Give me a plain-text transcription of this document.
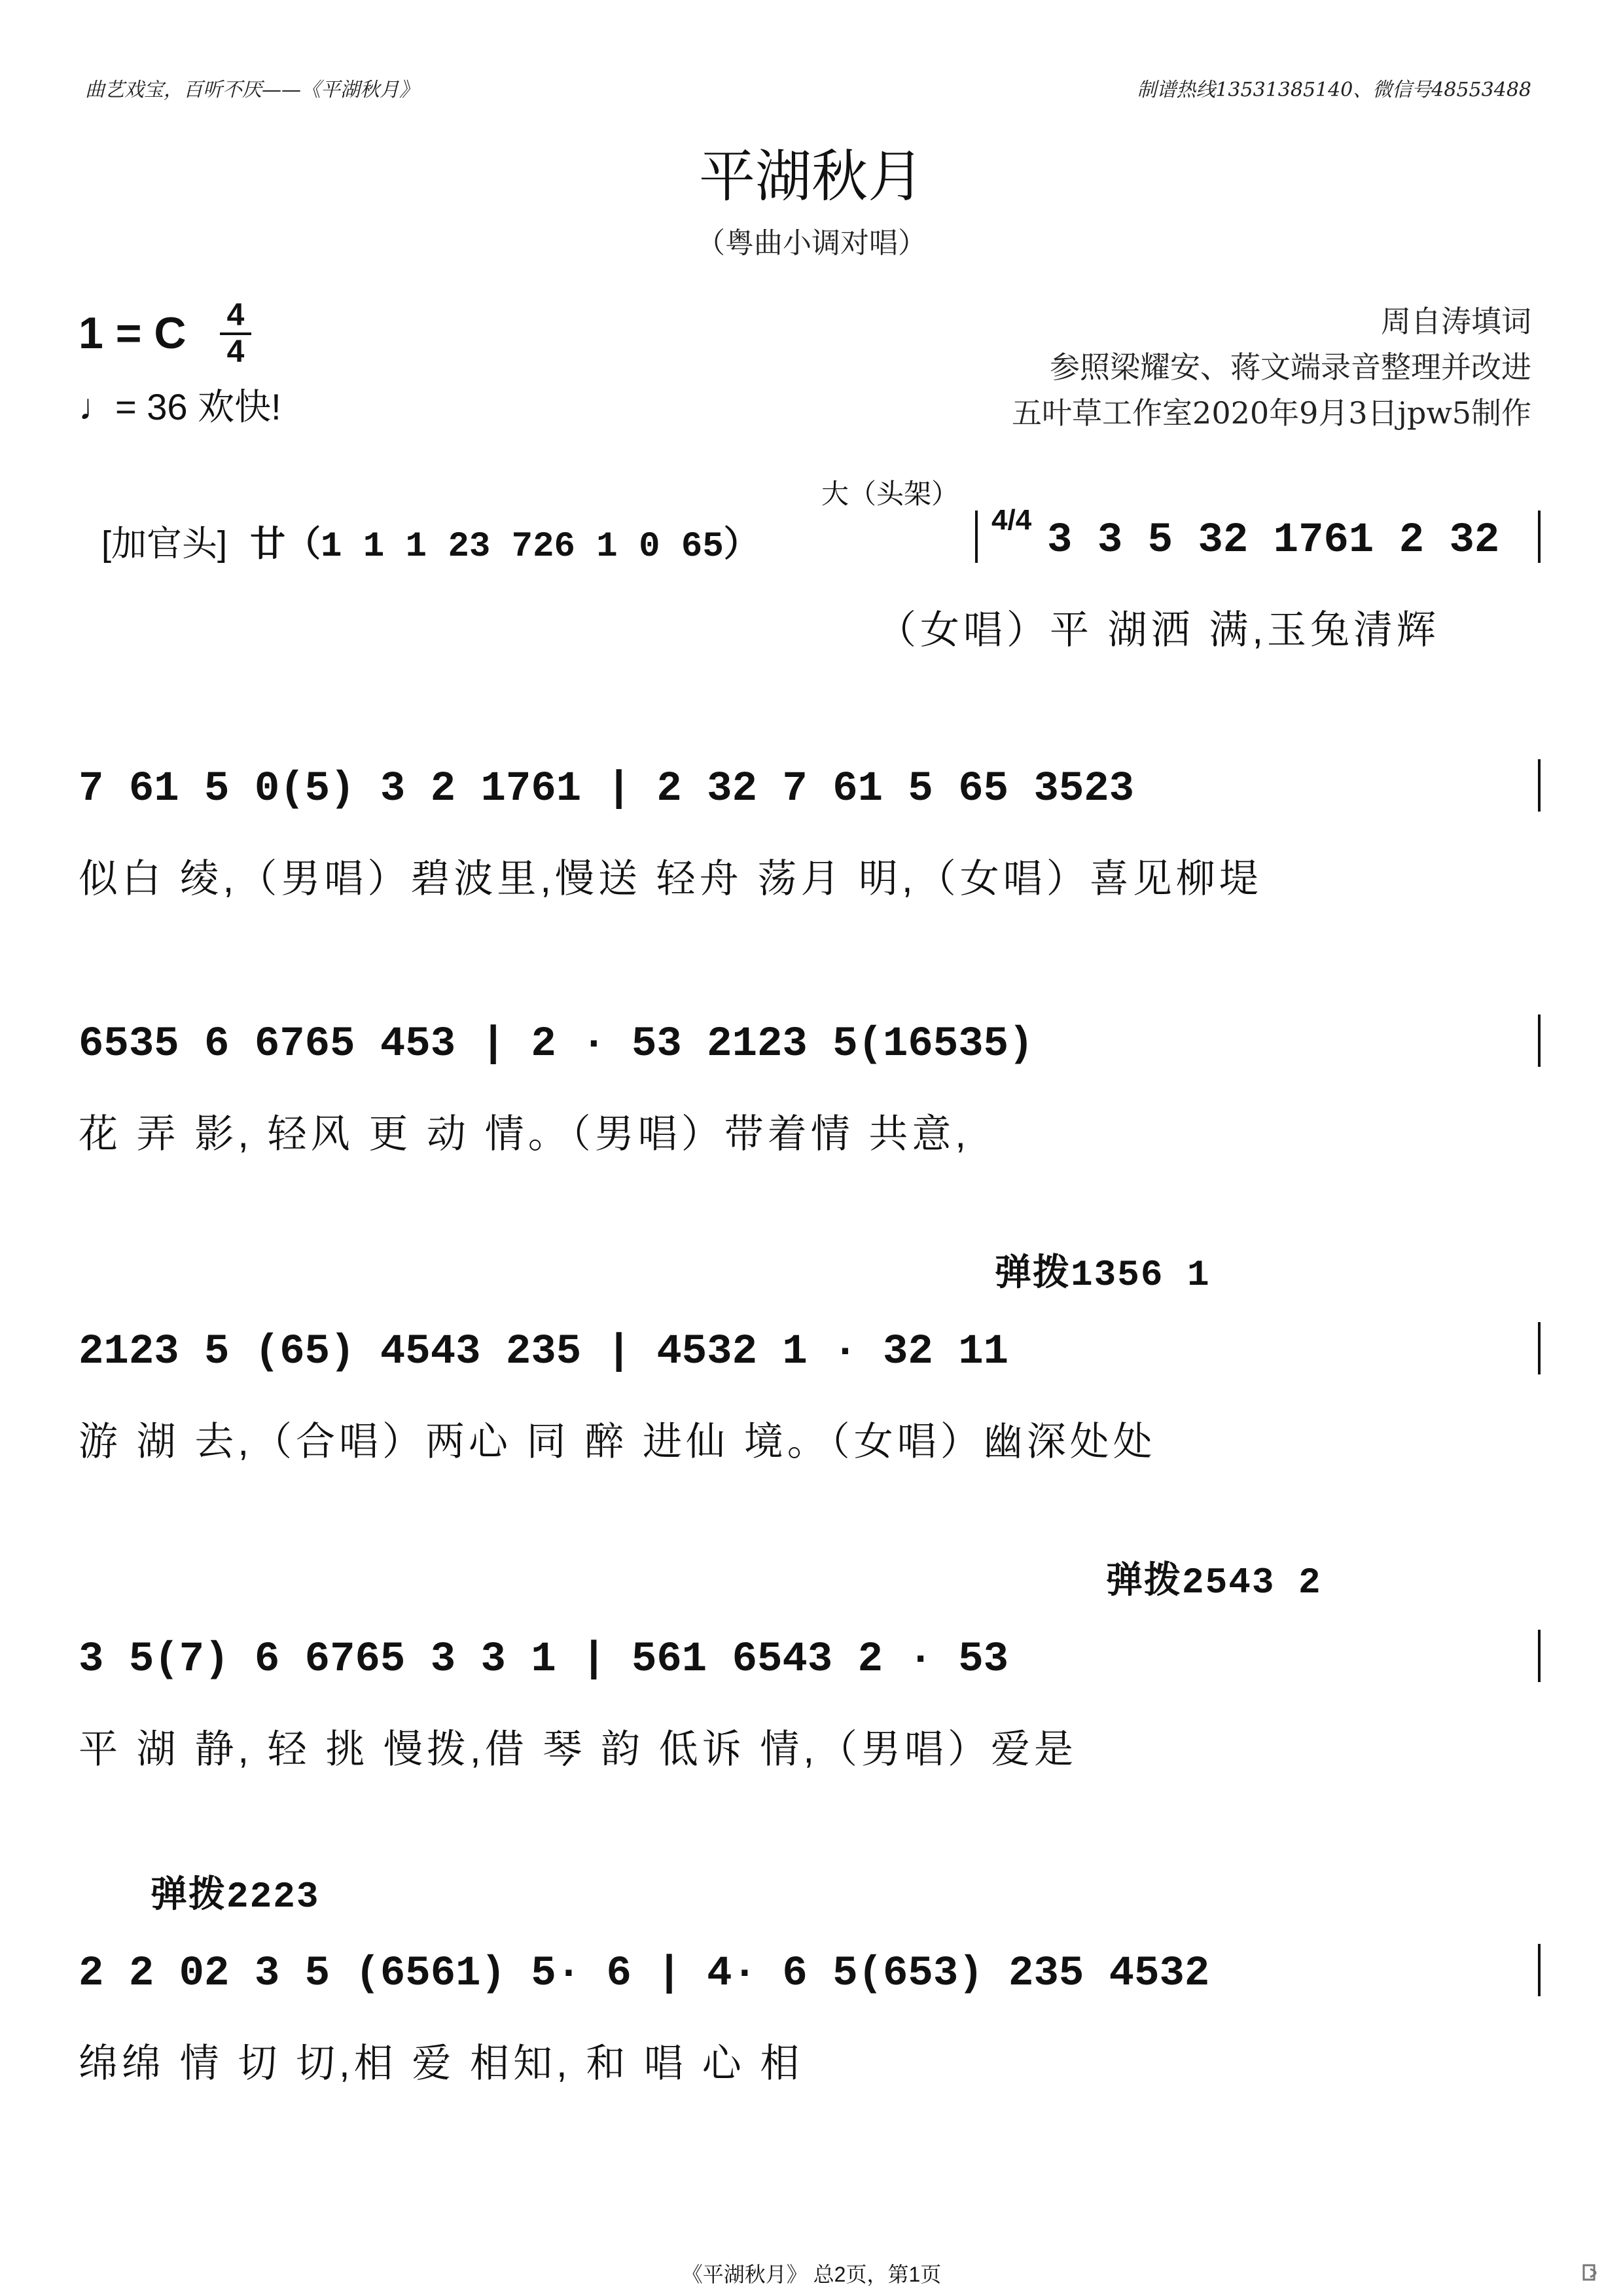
曲艺戏宝，百听不厌——《平湖秋月》	制谱热线13531385140、微信号48553488
平湖秋月
（粤曲小调对唱）
1 = C	4
4
♩= 36 欢快!
周自涛填词
参照梁耀安、蒋文端录音整理并改进
五叶草工作室2020年9月3日jpw5制作
大（头架）
[加官头] 廿（1 1 1 23 726 1 0 65）
4/4 3 3 5 32 1761 2 32
（女唱）平 湖洒 满,玉兔清辉
7 61 5 0(5) 3 2 1761 | 2 32 7 61 5 65 3523
似白 绫,（男唱）碧波里,慢送 轻舟 荡月 明,（女唱）喜见柳堤
6535 6 6765 453 | 2 · 53 2123 5(16535)
花 弄 影, 轻风 更 动 情。（男唱）带着情 共意,
弹拨1356 1
2123 5 (65) 4543 235 | 4532 1 · 32 11
游 湖 去,（合唱）两心 同 醉 进仙 境。（女唱）幽深处处
弹拨2543 2
3 5(7) 6 6765 3 3 1 | 561 6543 2 · 53
平 湖 静, 轻 挑 慢拨,借 琴 韵 低诉 情,（男唱）爱是
弹拨2223
2 2 02 3 5 (6561) 5· 6 | 4· 6 5(653) 235 4532
绵绵 情 切 切,相 爱 相知, 和 唱 心 相
《平湖秋月》 总2页，第1页
